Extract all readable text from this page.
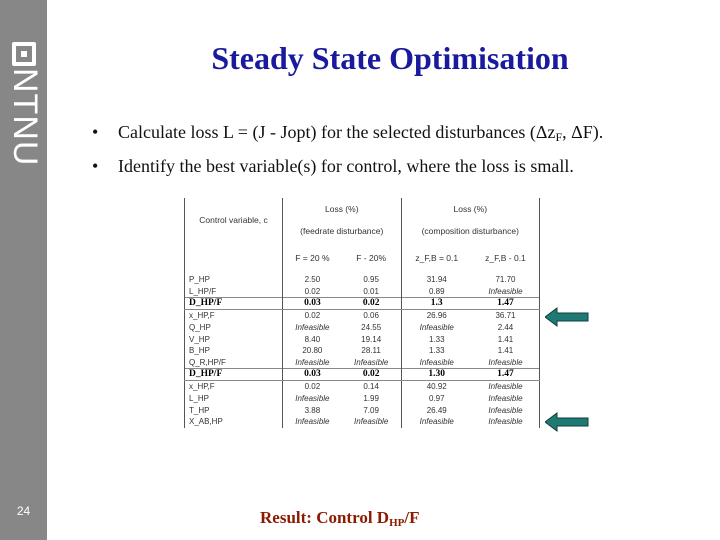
NTNU
24
Steady State Optimisation
• Calculate loss L = (J - Jopt) for the selected disturbances ($\Delta z_F$, ΔF).
• Identify the best variable(s) for control, where the loss is small.
Control variable, c	Loss (%)		Loss (%)	
	(feedrate disturbance)		(composition disturbance)	
	F = 20 %	F - 20%	z_F,B = 0.1	z_F,B - 0.1
P_HP	2.50	0.95	31.94	71.70
L_HP/F	0.02	0.01	0.89	Infeasible
D_HP/F	0.03	0.02	1.3	1.47
x_HP,F	0.02	0.06	26.96	36.71
Q_HP	Infeasible	24.55	Infeasible	2.44
V_HP	8.40	19.14	1.33	1.41
B_HP	20.80	28.11	1.33	1.41
Q_R,HP/F	Infeasible	Infeasible	Infeasible	Infeasible
D_HP/F	0.03	0.02	1.30	1.47
x_HP,F	0.02	0.14	40.92	Infeasible
L_HP	Infeasible	1.99	0.97	Infeasible
T_HP	3.88	7.09	26.49	Infeasible
X_AB,HP	Infeasible	Infeasible	Infeasible	Infeasible
Result: Control $D_{HP}/F$
